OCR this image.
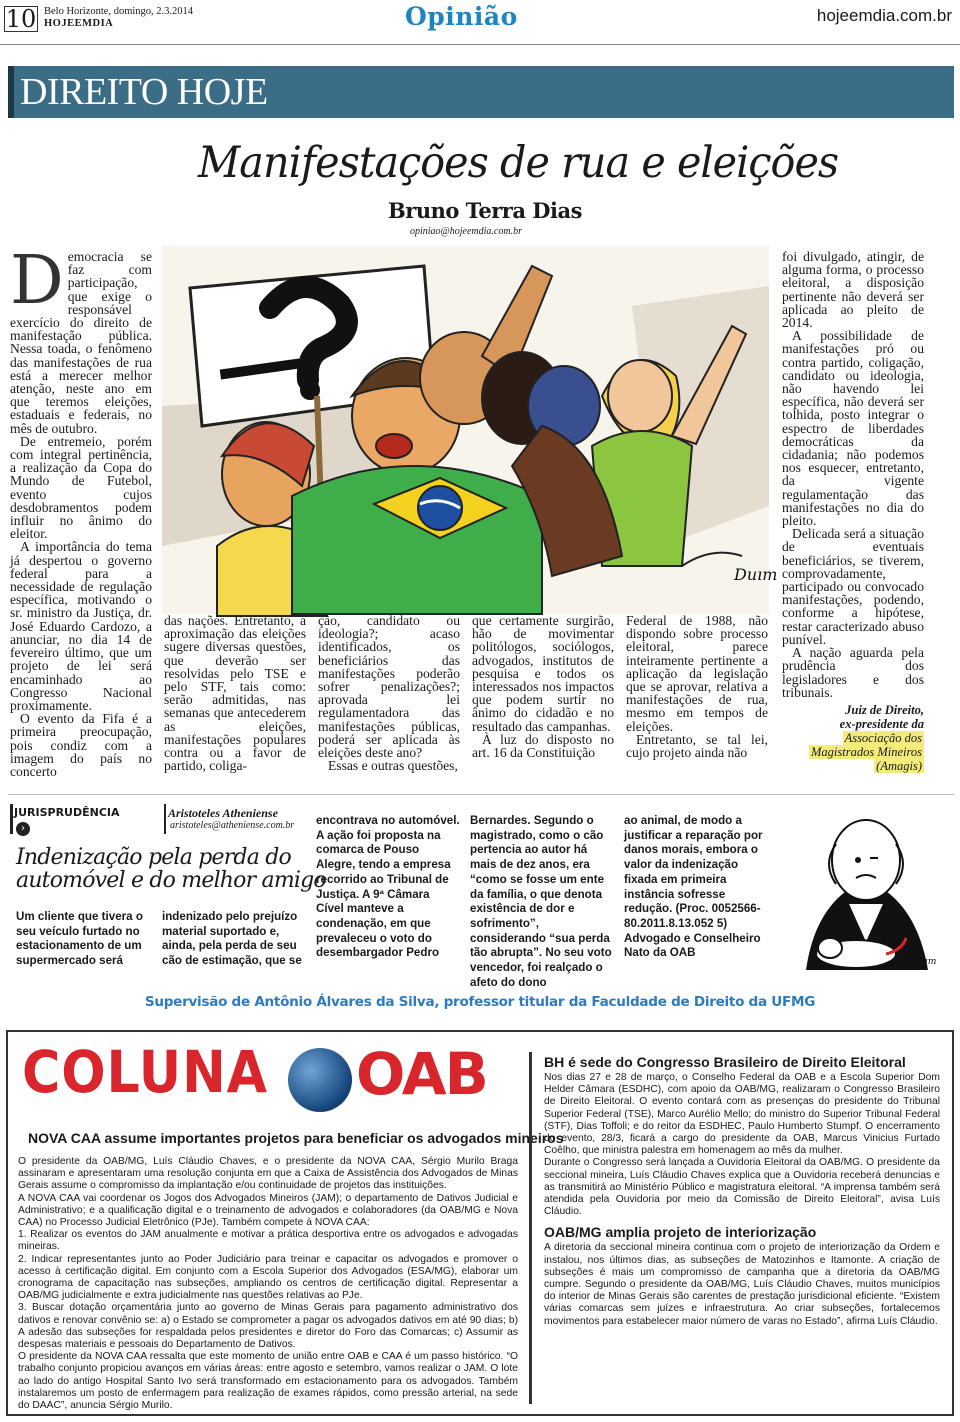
10 Belo Horizonte, domingo, 2.3.2014
HOJEEMDIA	Opinião	hojeemdia.com.br
DIREITO HOJE
Manifestações de rua e eleições
Bruno Terra Dias
opiniao@hojeemdia.com.br

Democracia se faz com participação, que exige o responsável exercício do direito de manifestação pública. Nessa toada, o fenômeno das manifestações de rua está a merecer melhor atenção, neste ano em que teremos eleições, estaduais e federais, no mês de outubro.

De entremeio, porém com integral pertinência, a realização da Copa do Mundo de Futebol, evento cujos desdobramentos podem influir no ânimo do eleitor.

A importância do tema já despertou o governo federal para a necessidade de regulação específica, motivando o sr. ministro da Justiça, dr. José Eduardo Cardozo, a anunciar, no dia 14 de fevereiro último, que um projeto de lei será encaminhado ao Congresso Nacional proximamente.

O evento da Fifa é a primeira preocupação, pois condiz com a imagem do país no concerto

Duım

das nações. Entretanto, a aproximação das eleições sugere diversas questões, que deverão ser resolvidas pelo TSE e pelo STF, tais como: serão admitidas, nas semanas que antecederem as eleições, manifestações populares contra ou a favor de partido, coliga-

ção, candidato ou ideologia?; acaso identificados, os beneficiários das manifestações poderão sofrer penalizações?; aprovada lei regulamentadora das manifestações públicas, poderá ser aplicada às eleições deste ano?

Essas e outras questões,

que certamente surgirão, hão de movimentar politólogos, sociólogos, advogados, institutos de pesquisa e todos os interessados nos impactos que podem surtir no ânimo do cidadão e no resultado das campanhas.

À luz do disposto no art. 16 da Constituição

Federal de 1988, não dispondo sobre processo eleitoral, parece inteiramente pertinente a aplicação da legislação que se aprovar, relativa a manifestações de rua, mesmo em tempos de eleições.

Entretanto, se tal lei, cujo projeto ainda não

foi divulgado, atingir, de alguma forma, o processo eleitoral, a disposição pertinente não deverá ser aplicada ao pleito de 2014.

A possibilidade de manifestações pró ou contra partido, coligação, candidato ou ideologia, não havendo lei específica, não deverá ser tolhida, posto integrar o espectro de liberdades democráticas da cidadania; não podemos nos esquecer, entretanto, da vigente regulamentação das manifestações no dia do pleito.

Delicada será a situação de eventuais beneficiários, se tiverem, comprovadamente, participado ou convocado manifestações, podendo, conforme a hipótese, restar caracterizado abuso punível.

A nação aguarda pela prudência dos legisladores e dos tribunais.

Juiz de Direito,
ex-presidente da
Associação dos
Magistrados Mineiros
(Amagis)
JURISPRUDÊNCIA
›
Indenização pela perda do
automóvel e do melhor amigo
Um cliente que tivera o seu veículo furtado no estacionamento de um supermercado será
Aristoteles Atheniense
aristoteles@atheniense.com.br
indenizado pelo prejuízo material suportado e, ainda, pela perda de seu cão de estimação, que se
encontrava no automóvel. A ação foi proposta na comarca de Pouso Alegre, tendo a empresa recorrido ao Tribunal de Justiça. A 9ª Câmara Cível manteve a condenação, em que prevaleceu o voto do desembargador Pedro
Bernardes. Segundo o magistrado, como o cão pertencia ao autor há mais de dez anos, era “como se fosse um ente da família, o que denota existência de dor e sofrimento”, considerando “sua perda tão abrupta”. No seu voto vencedor, foi realçado o afeto do dono
ao animal, de modo a justificar a reparação por danos morais, embora o valor da indenização fixada em primeira instância sofresse redução. (Proc. 0052566-80.2011.8.13.052 5) Advogado e Conselheiro Nato da OAB
Duım
Supervisão de Antônio Álvares da Silva, professor titular da Faculdade de Direito da UFMG
COLUNA OAB
NOVA CAA assume importantes projetos para beneficiar os advogados mineiros

O presidente da OAB/MG, Luís Cláudio Chaves, e o presidente da NOVA CAA, Sérgio Murilo Braga assinaram e apresentaram uma resolução conjunta em que a Caixa de Assistência dos Advogados de Minas Gerais assume o compromisso da implantação e/ou continuidade de projetos das instituições.

A NOVA CAA vai coordenar os Jogos dos Advogados Mineiros (JAM); o departamento de Dativos Judicial e Administrativo; e a qualificação digital e o treinamento de advogados e colaboradores (da OAB/MG e Nova CAA) no Processo Judicial Eletrônico (PJe). Também compete à NOVA CAA:

1. Realizar os eventos do JAM anualmente e motivar a prática desportiva entre os advogados e advogadas mineiras.

2. Indicar representantes junto ao Poder Judiciário para treinar e capacitar os advogados e promover o acesso à certificação digital. Em conjunto com a Escola Superior dos Advogados (ESA/MG), elaborar um cronograma de capacitação nas subseções, ampliando os centros de certificação digital. Representar a OAB/MG judicialmente e extra judicialmente nas questões relativas ao PJe.

3. Buscar dotação orçamentária junto ao governo de Minas Gerais para pagamento administrativo dos dativos e renovar convênio se: a) o Estado se comprometer a pagar os advogados dativos em até 90 dias; b) A adesão das subseções for respaldada pelos presidentes e diretor do Foro das Comarcas; c) Assumir as despesas materiais e pessoais do Departamento de Dativos.

O presidente da NOVA CAA ressalta que este momento de união entre OAB e CAA é um passo histórico. “O trabalho conjunto propiciou avanços em várias áreas: entre agosto e setembro, vamos realizar o JAM. O lote ao lado do antigo Hospital Santo Ivo será transformado em estacionamento para os advogados. Também instalaremos um posto de enfermagem para realização de exames rápidos, como pressão arterial, na sede do DAAC”, anuncia Sérgio Murilo.

BH é sede do Congresso Brasileiro de Direito Eleitoral

Nos dias 27 e 28 de março, o Conselho Federal da OAB e a Escola Superior Dom Helder Câmara (ESDHC), com apoio da OAB/MG, realizaram o Congresso Brasileiro de Direito Eleitoral. O evento contará com as presenças do presidente do Tribunal Superior Federal (TSE), Marco Aurélio Mello; do ministro do Superior Tribunal Federal (STF), Dias Toffoli; e do reitor da ESDHEC, Paulo Humberto Stumpf. O encerramento do evento, 28/3, ficará a cargo do presidente da OAB, Marcus Vinicius Furtado Coêlho, que ministra palestra em homenagem ao mês da mulher.

Durante o Congresso será lançada a Ouvidoria Eleitoral da OAB/MG. O presidente da seccional mineira, Luís Cláudio Chaves explica que a Ouvidoria receberá denuncias e as transmitirá ao Ministério Público e magistratura eleitoral. “A imprensa também será atendida pela Ouvidoria por meio da Comissão de Direito Eleitoral”, avisa Luís Cláudio.

OAB/MG amplia projeto de interiorização

A diretoria da seccional mineira continua com o projeto de interiorização da Ordem e instalou, nos últimos dias, as subseções de Matozinhos e Itamonte. A criação de subseções é mais um compromisso de campanha que a diretoria da OAB/MG cumpre. Segundo o presidente da OAB/MG, Luís Cláudio Chaves, muitos municípios do interior de Minas Gerais são carentes de prestação jurisdicional eficiente. “Existem várias comarcas sem juízes e infraestrutura. Ao criar subseções, fortalecemos movimentos para estabelecer maior número de varas no Estado”, afirma Luís Cláudio.
